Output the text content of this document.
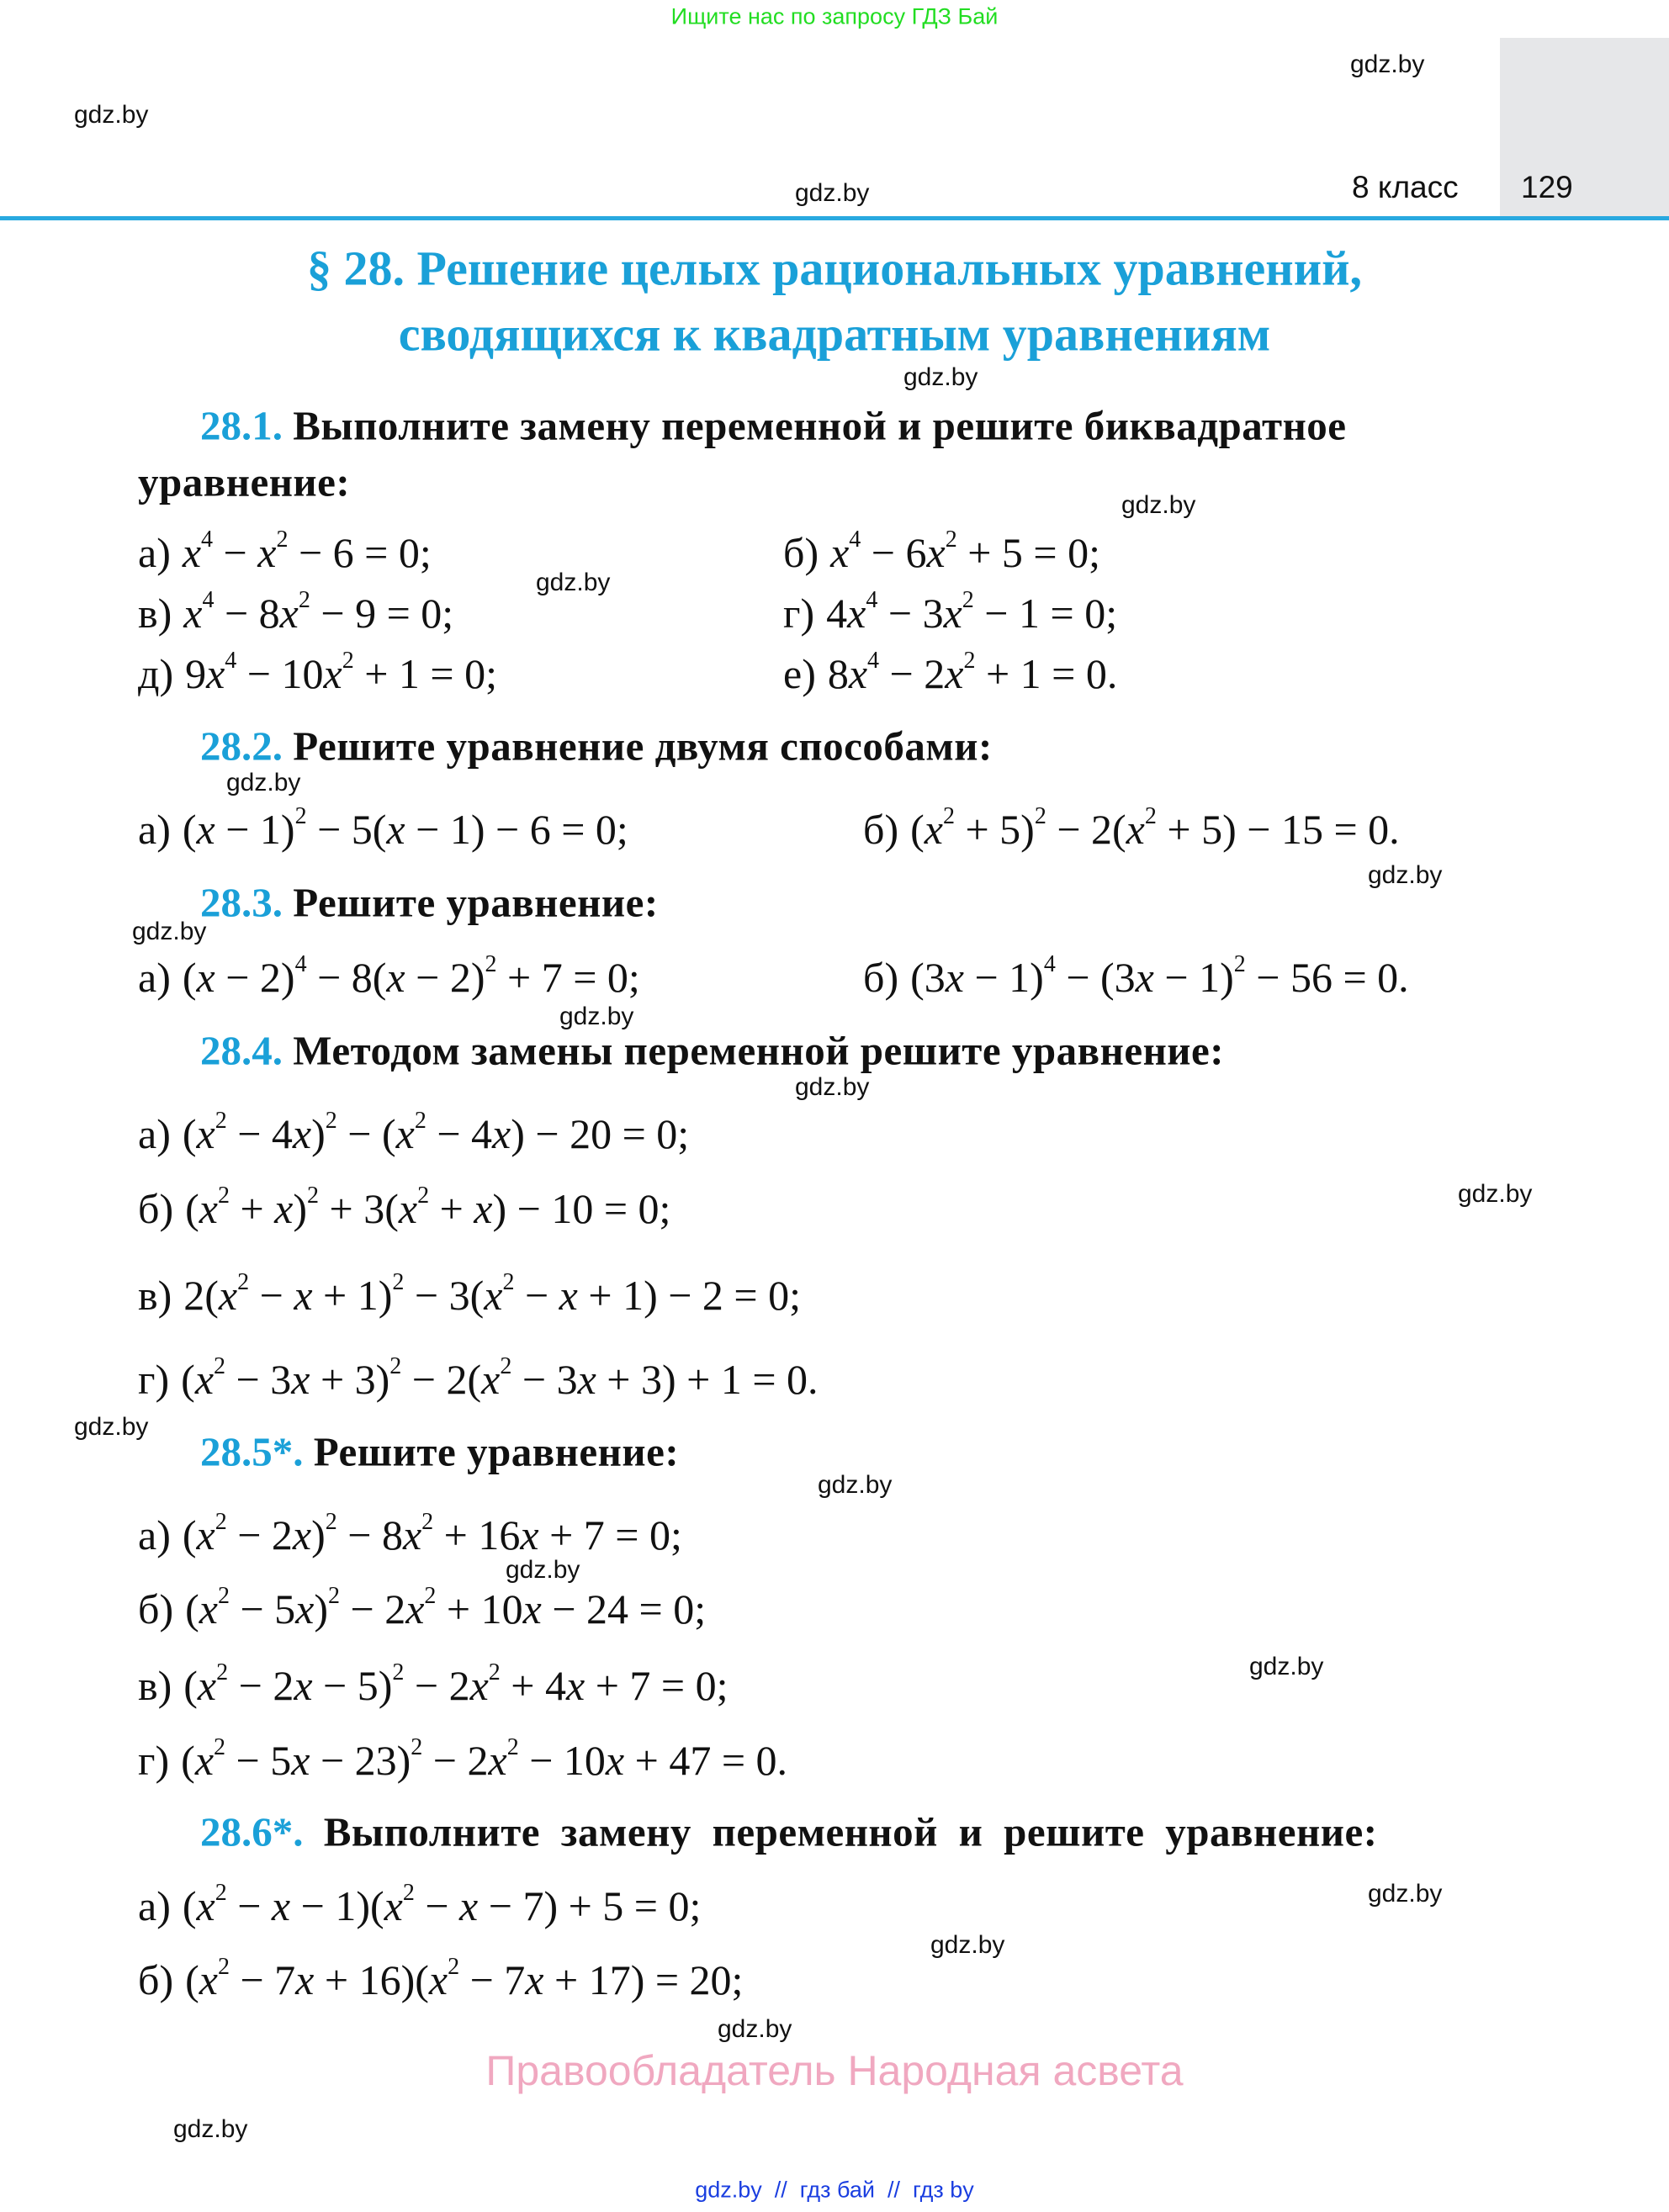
Ищите нас по запросу ГДЗ Бай
8 класс 129
gdz.by
gdz.by
gdz.by
gdz.by
gdz.by
gdz.by
gdz.by
gdz.by
gdz.by
gdz.by
gdz.by
gdz.by
gdz.by
gdz.by
gdz.by
gdz.by
gdz.by
gdz.by
gdz.by
gdz.by
§ 28. Решение целых рациональных уравнений,
сводящихся к квадратным уравнениям
28.1. Выполните замену переменной и решите биквадратное
уравнение:
а) $x^4 - x^2 - 6 = 0$;	б) $x^4 - 6x^2 + 5 = 0$;
в) $x^4 - 8x^2 - 9 = 0$;	г) $4x^4 - 3x^2 - 1 = 0$;
д) $9x^4 - 10x^2 + 1 = 0$;	е) $8x^4 - 2x^2 + 1 = 0$.
28.2. Решите уравнение двумя способами:
а) $(x - 1)^2 - 5(x - 1) - 6 = 0$;	б) $(x^2 + 5)^2 - 2(x^2 + 5) - 15 = 0$.
28.3. Решите уравнение:
а) $(x - 2)^4 - 8(x - 2)^2 + 7 = 0$;	б) $(3x - 1)^4 - (3x - 1)^2 - 56 = 0$.
28.4. Методом замены переменной решите уравнение:
а) $(x^2 - 4x)^2 - (x^2 - 4x) - 20 = 0$;
б) $(x^2 + x)^2 + 3(x^2 + x) - 10 = 0$;
в) $2(x^2 - x + 1)^2 - 3(x^2 - x + 1) - 2 = 0$;
г) $(x^2 - 3x + 3)^2 - 2(x^2 - 3x + 3) + 1 = 0$.
28.5*. Решите уравнение:
а) $(x^2 - 2x)^2 - 8x^2 + 16x + 7 = 0$;
б) $(x^2 - 5x)^2 - 2x^2 + 10x - 24 = 0$;
в) $(x^2 - 2x - 5)^2 - 2x^2 + 4x + 7 = 0$;
г) $(x^2 - 5x - 23)^2 - 2x^2 - 10x + 47 = 0$.
28.6*. Выполните замену переменной и решите уравнение:
а) $(x^2 - x - 1)(x^2 - x - 7) + 5 = 0$;
б) $(x^2 - 7x + 16)(x^2 - 7x + 17) = 20$;
Правообладатель Народная асвета
gdz.by  //  гдз бай  //  гдз by
